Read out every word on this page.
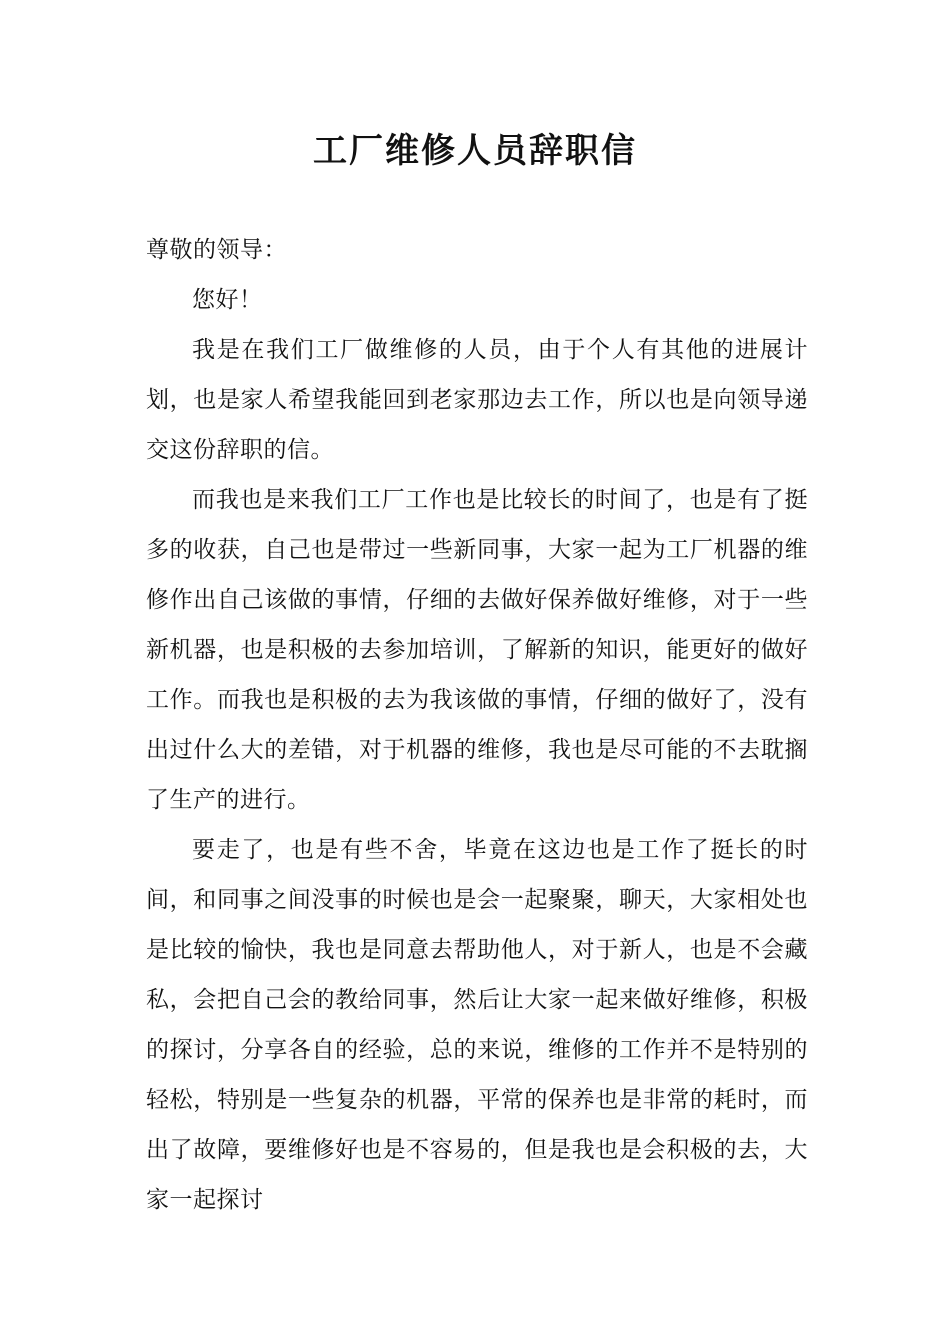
工厂维修人员辞职信

尊敬的领导：

您好！

我是在我们工厂做维修的人员，由于个人有其他的进展计划，也是家人希望我能回到老家那边去工作，所以也是向领导递交这份辞职的信。

而我也是来我们工厂工作也是比较长的时间了，也是有了挺多的收获，自己也是带过一些新同事，大家一起为工厂机器的维修作出自己该做的事情，仔细的去做好保养做好维修，对于一些新机器，也是积极的去参加培训，了解新的知识，能更好的做好工作。而我也是积极的去为我该做的事情，仔细的做好了，没有出过什么大的差错，对于机器的维修，我也是尽可能的不去耽搁了生产的进行。

要走了，也是有些不舍，毕竟在这边也是工作了挺长的时间，和同事之间没事的时候也是会一起聚聚，聊天，大家相处也是比较的愉快，我也是同意去帮助他人，对于新人，也是不会藏私，会把自己会的教给同事，然后让大家一起来做好维修，积极的探讨，分享各自的经验，总的来说，维修的工作并不是特别的轻松，特别是一些复杂的机器，平常的保养也是非常的耗时，而出了故障，要维修好也是不容易的，但是我也是会积极的去，大家一起探讨
